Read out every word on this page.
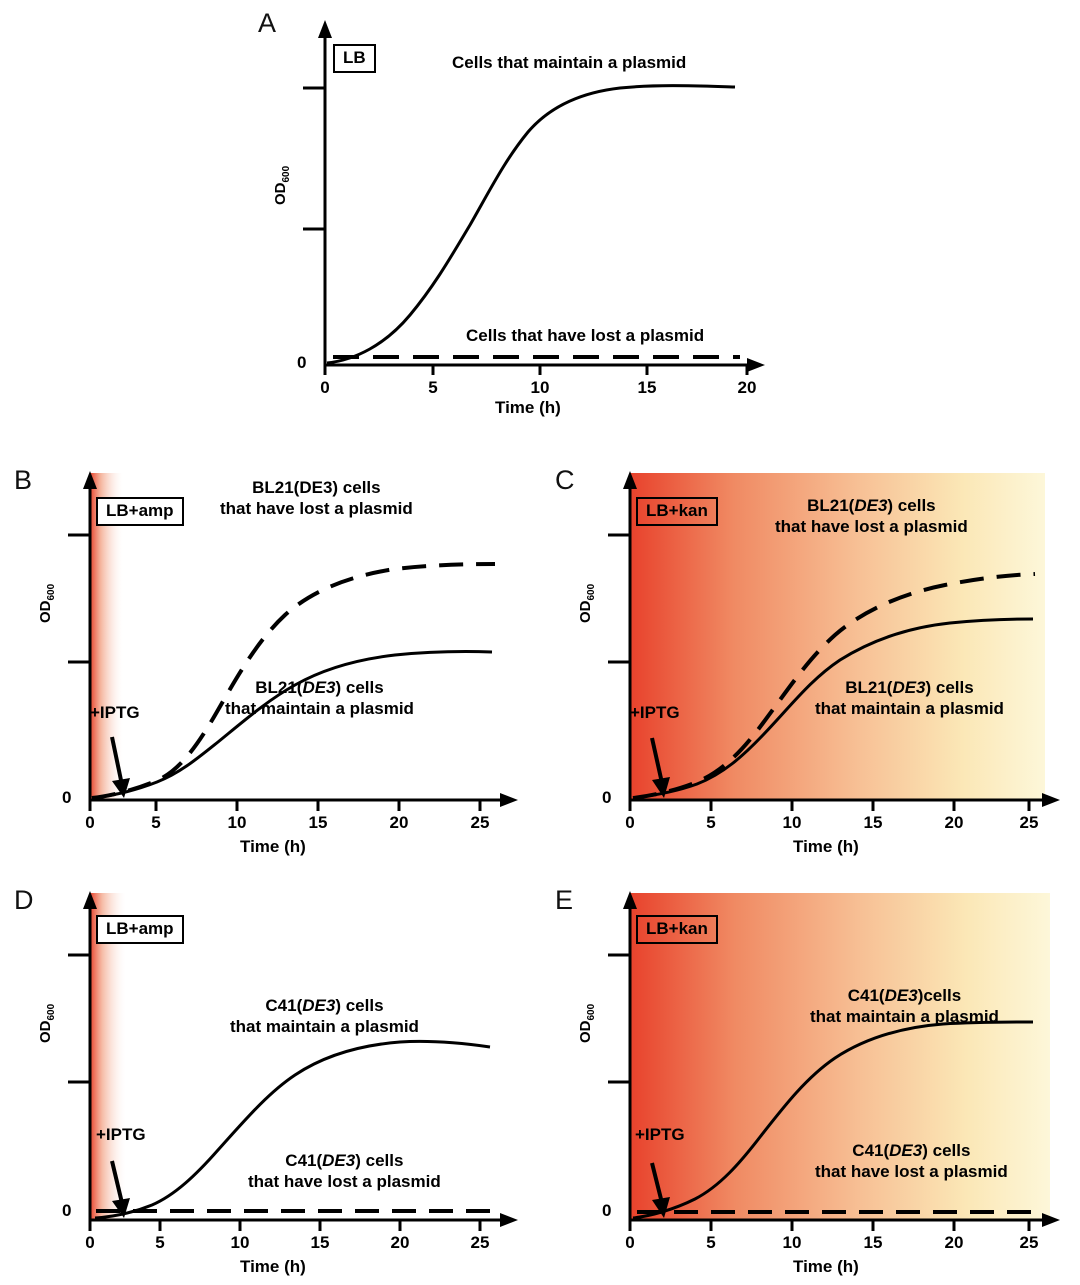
A
LB
$OD_{600}$
0
Cells that maintain a plasmid
Cells that have lost a plasmid
0	5	10	15	20
Time (h)
B
LB+amp
$OD_{600}$
0
BL21(DE3) cells
that have lost a plasmid
BL21(DE3) cells
that maintain a plasmid
+IPTG
0	5	10	15	20	25
Time (h)
C
LB+kan
$OD_{600}$
0
BL21(DE3) cells
that have lost a plasmid
BL21(DE3) cells
that maintain a plasmid
+IPTG
0	5	10	15	20	25
Time (h)
D
LB+amp
$OD_{600}$
0
C41(DE3) cells
that maintain a plasmid
C41(DE3) cells
that have lost a plasmid
+IPTG
0	5	10	15	20	25
Time (h)
E
LB+kan
$OD_{600}$
0
C41(DE3)cells
that maintain a plasmid
C41(DE3) cells
that have lost a plasmid
+IPTG
0	5	10	15	20	25
Time (h)
